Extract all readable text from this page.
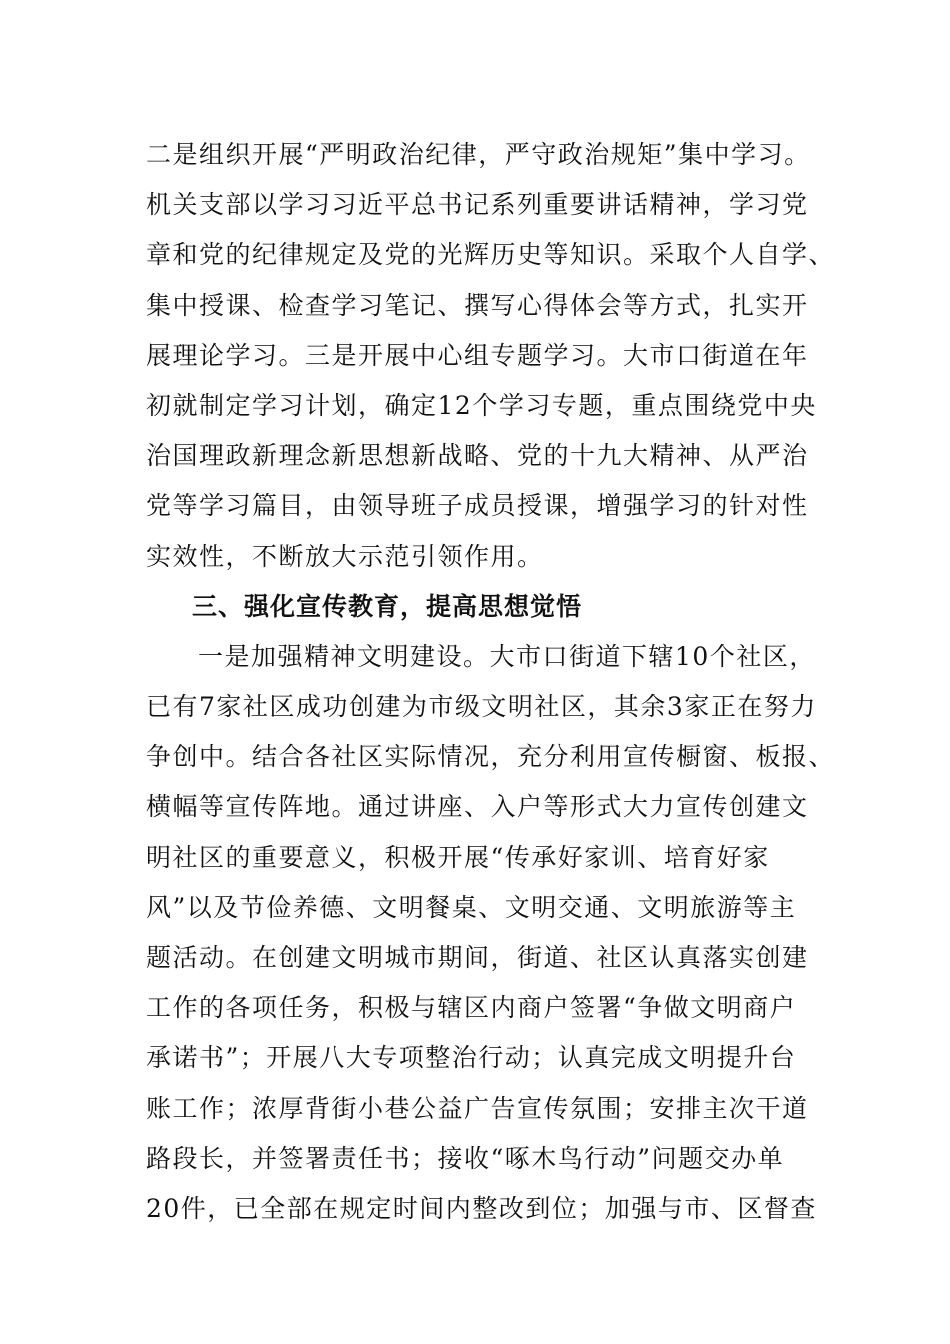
二是组织开展“严明政治纪律，严守政治规矩”集中学习。
机关支部以学习习近平总书记系列重要讲话精神，学习党
章和党的纪律规定及党的光辉历史等知识。采取个人自学、
集中授课、检查学习笔记、撰写心得体会等方式，扎实开
展理论学习。三是开展中心组专题学习。大市口街道在年
初就制定学习计划，确定12个学习专题，重点围绕党中央
治国理政新理念新思想新战略、党的十九大精神、从严治
党等学习篇目，由领导班子成员授课，增强学习的针对性
实效性，不断放大示范引领作用。
三、强化宣传教育，提高思想觉悟
一是加强精神文明建设。大市口街道下辖10个社区，
已有7家社区成功创建为市级文明社区，其余3家正在努力
争创中。结合各社区实际情况，充分利用宣传橱窗、板报、
横幅等宣传阵地。通过讲座、入户等形式大力宣传创建文
明社区的重要意义，积极开展“传承好家训、培育好家
风”以及节俭养德、文明餐桌、文明交通、文明旅游等主
题活动。在创建文明城市期间，街道、社区认真落实创建
工作的各项任务，积极与辖区内商户签署“争做文明商户
承诺书”；开展八大专项整治行动；认真完成文明提升台
账工作；浓厚背街小巷公益广告宣传氛围；安排主次干道
路段长，并签署责任书；接收“啄木鸟行动”问题交办单
20件，已全部在规定时间内整改到位；加强与市、区督查
